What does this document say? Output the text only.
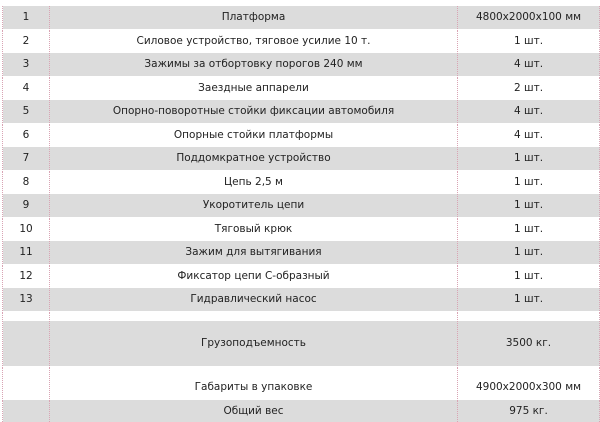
1	Платформа	4800x2000x100 мм
2	Силовое устройство, тяговое усилие 10 т.	1 шт.
3	Зажимы за отбортовку порогов 240 мм	4 шт.
4	Заездные аппарели	2 шт.
5	Опорно-поворотные стойки фиксации автомобиля	4 шт.
6	Опорные стойки платформы	4 шт.
7	Поддомкратное устройство	1 шт.
8	Цепь 2,5 м	1 шт.
9	Укоротитель цепи	1 шт.
10	Тяговый крюк	1 шт.
11	Зажим для вытягивания	1 шт.
12	Фиксатор цепи С-образный	1 шт.
13	Гидравлический насос	1 шт.

	Грузоподъемность	3500 кг.

	Габариты в упаковке	4900x2000x300 мм
	Общий вес	975 кг.
